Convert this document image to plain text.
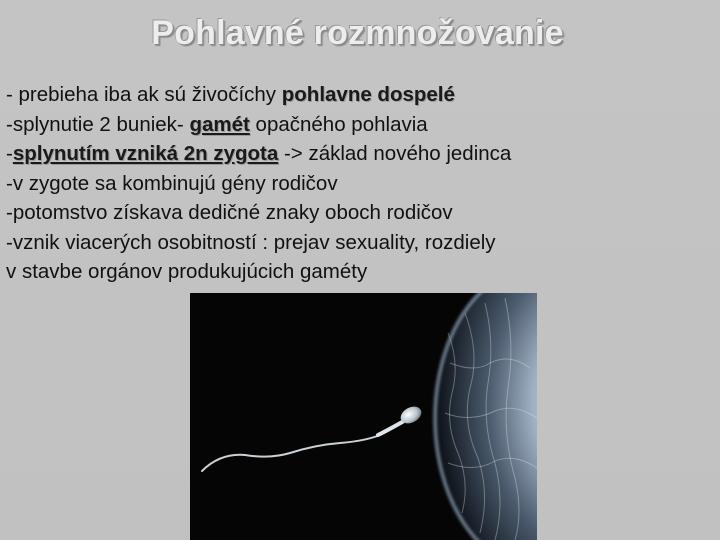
Pohlavné rozmnožovanie
- prebieha iba ak sú živočíchy pohlavne dospelé
-splynutie 2 buniek- gamét opačného pohlavia
-splynutím vzniká 2n zygota -> základ nového jedinca
-v zygote sa kombinujú gény rodičov
-potomstvo získava dedičné znaky oboch rodičov
-vznik viacerých osobitností : prejav sexuality, rozdiely
v stavbe orgánov produkujúcich gaméty
